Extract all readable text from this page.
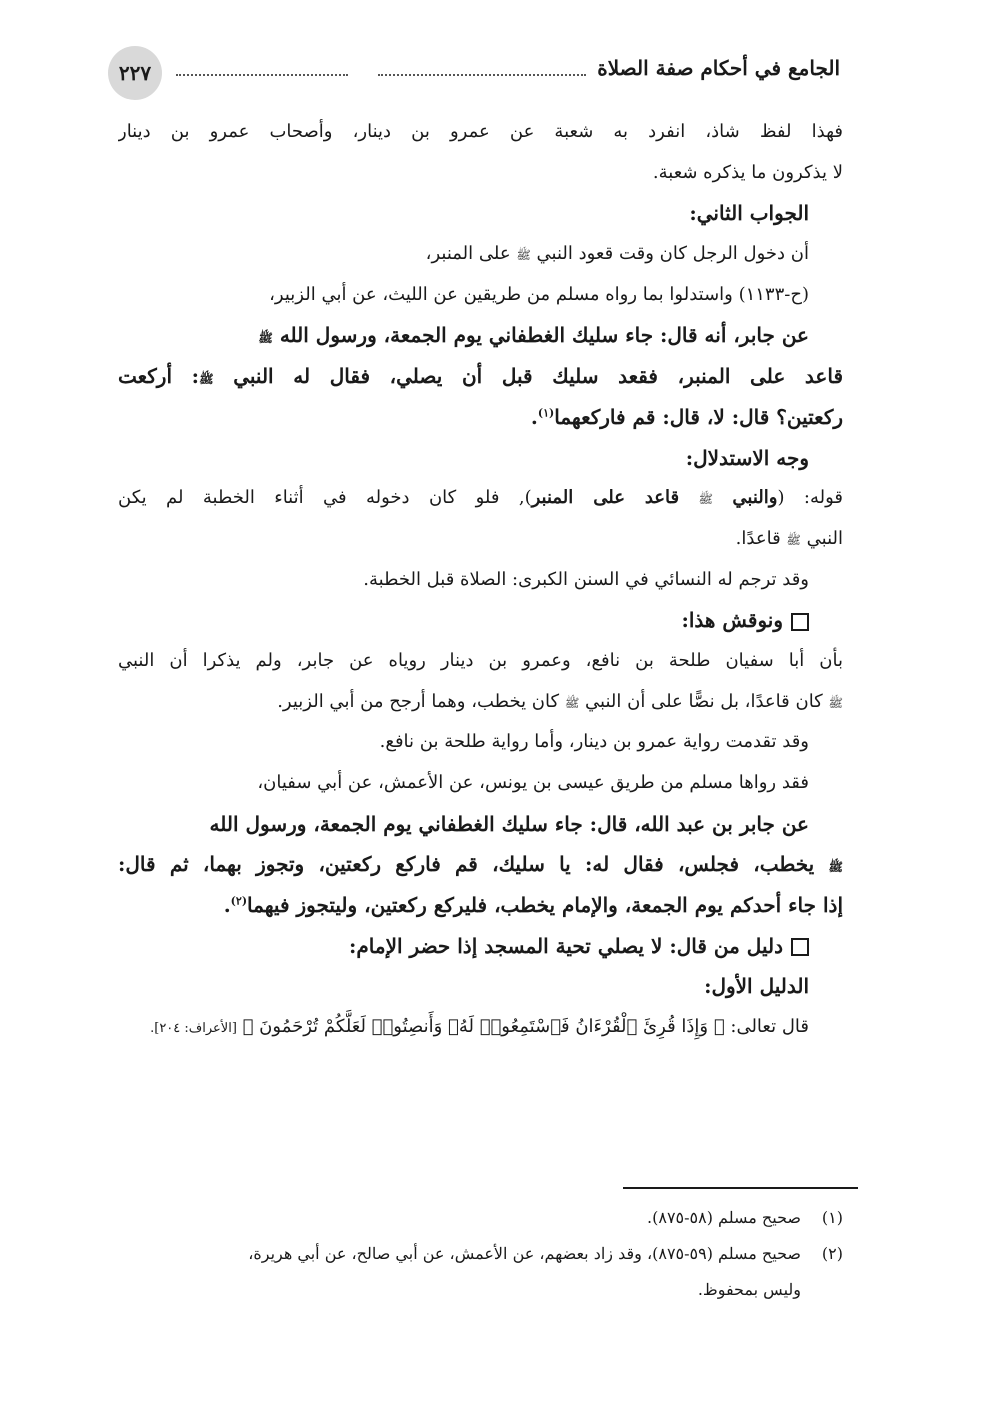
الجامع في أحكام صفة الصلاة
٢٢٧
فهذا لفظ شاذ، انفرد به شعبة عن عمرو بن دينار، وأصحاب عمرو بن دينار
لا يذكرون ما يذكره شعبة.
الجواب الثاني:
أن دخول الرجل كان وقت قعود النبي ﷺ على المنبر،
(ح-١١٣٣) واستدلوا بما رواه مسلم من طريقين عن الليث، عن أبي الزبير،
عن جابر، أنه قال: جاء سليك الغطفاني يوم الجمعة، ورسول الله ﷺ
قاعد على المنبر، فقعد سليك قبل أن يصلي، فقال له النبي ﷺ: أركعت
ركعتين؟ قال: لا، قال: قم فاركعهما$^{(١)}$.
وجه الاستدلال:
قوله: (والنبي ﷺ قاعد على المنبر), فلو كان دخوله في أثناء الخطبة لم يكن
النبي ﷺ قاعدًا.
وقد ترجم له النسائي في السنن الكبرى: الصلاة قبل الخطبة.
ونوقش هذا:
بأن أبا سفيان طلحة بن نافع، وعمرو بن دينار روياه عن جابر، ولم يذكرا أن النبي
ﷺ كان قاعدًا، بل نصًّا على أن النبي ﷺ كان يخطب، وهما أرجح من أبي الزبير.
وقد تقدمت رواية عمرو بن دينار، وأما رواية طلحة بن نافع.
فقد رواها مسلم من طريق عيسى بن يونس، عن الأعمش، عن أبي سفيان،
عن جابر بن عبد الله، قال: جاء سليك الغطفاني يوم الجمعة، ورسول الله
ﷺ يخطب، فجلس، فقال له: يا سليك، قم فاركع ركعتين، وتجوز بهما، ثم قال:
إذا جاء أحدكم يوم الجمعة، والإمام يخطب، فليركع ركعتين، وليتجوز فيهما$^{(٢)}$.
دليل من قال: لا يصلي تحية المسجد إذا حضر الإمام:
الدليل الأول:
قال تعالى: ﴿ وَإِذَا قُرِئَ ٱلْقُرْءَانُ فَٱسْتَمِعُوا۟ لَهُۥ وَأَنصِتُوا۟ لَعَلَّكُمْ تُرْحَمُونَ ﴾ [الأعراف: ٢٠٤].
(١)صحيح مسلم (٥٨-٨٧٥).
(٢)صحيح مسلم (٥٩-٨٧٥)، وقد زاد بعضهم، عن الأعمش، عن أبي صالح، عن أبي هريرة،
وليس بمحفوظ.
